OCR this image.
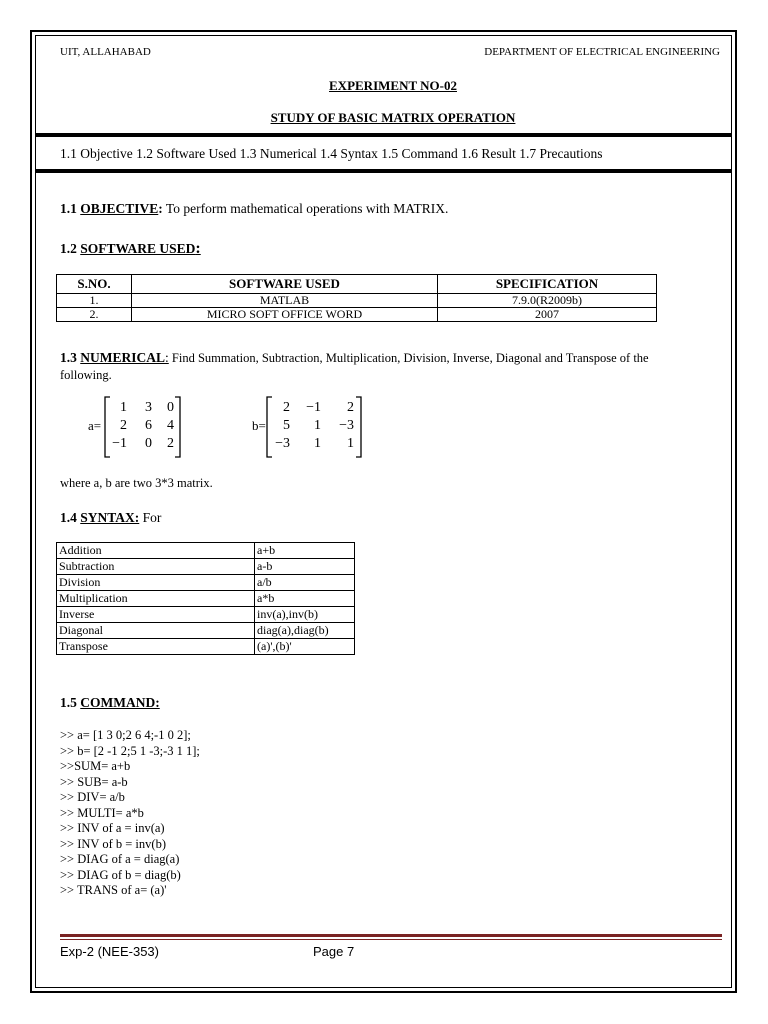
UIT, ALLAHABAD	DEPARTMENT OF ELECTRICAL ENGINEERING
EXPERIMENT NO-02
STUDY OF BASIC MATRIX OPERATION
1.1 Objective 1.2 Software Used 1.3 Numerical 1.4 Syntax 1.5 Command 1.6 Result 1.7 Precautions
1.1 OBJECTIVE: To perform mathematical operations with MATRIX.
1.2 SOFTWARE USED:
S.NO.	SOFTWARE USED	SPECIFICATION
1.	MATLAB	7.9.0(R2009b)
2.	MICRO SOFT OFFICE WORD	2007
1.3 NUMERICAL: Find Summation, Subtraction, Multiplication, Division, Inverse, Diagonal and Transpose of the
following.
a=
1	3	0
2	6	4
−1	0	2
b=
2	−1	2
5	1	−3
−3	1	1
where a, b are two 3*3 matrix.
1.4 SYNTAX: For
Addition	a+b
Subtraction	a-b
Division	a/b
Multiplication	a*b
Inverse	inv(a),inv(b)
Diagonal	diag(a),diag(b)
Transpose	(a)',(b)'
1.5 COMMAND:
>> a= [1 3 0;2 6 4;-1 0 2];
>> b= [2 -1 2;5 1 -3;-3 1 1];
>>SUM= a+b
>> SUB= a-b
>> DIV= a/b
>> MULTI= a*b
>> INV of a = inv(a)
>> INV of b = inv(b)
>> DIAG of a = diag(a)
>> DIAG of b = diag(b)
>> TRANS of a= (a)'
Exp-2 (NEE-353)	Page 7
